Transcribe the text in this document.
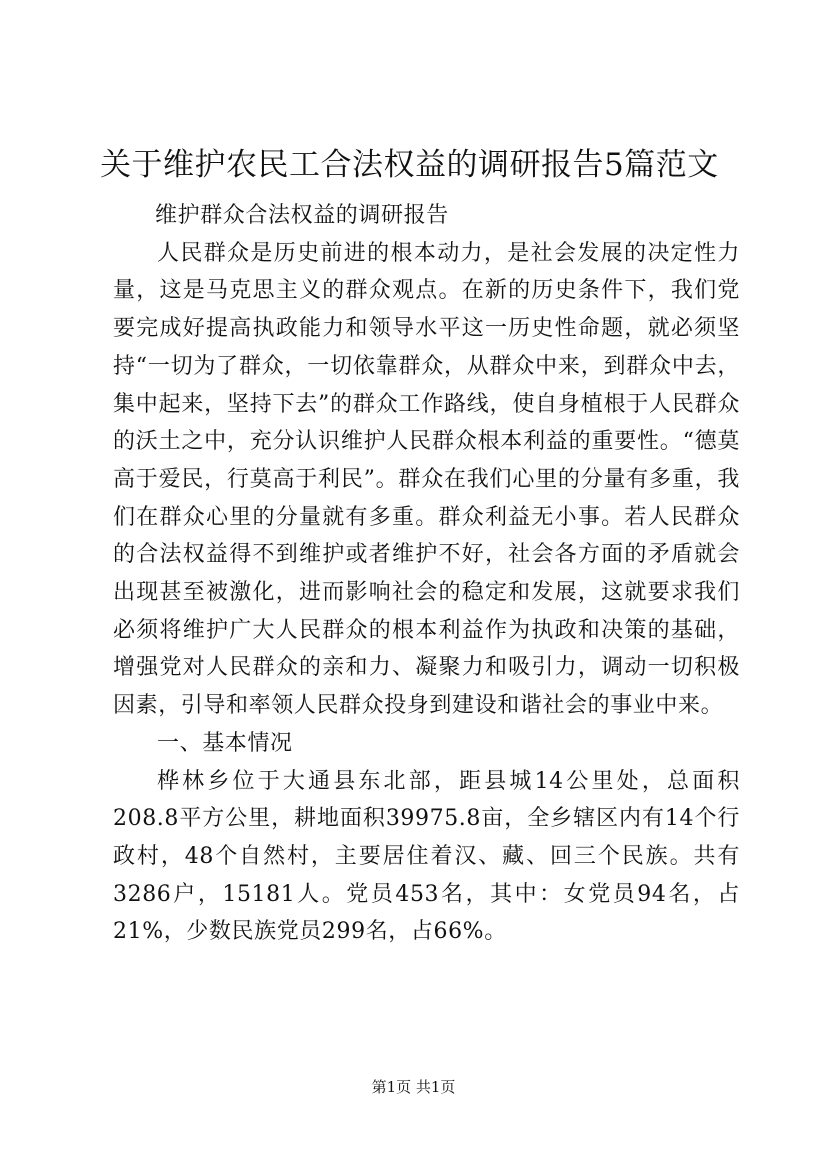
关于维护农民工合法权益的调研报告5篇范文

维护群众合法权益的调研报告

人民群众是历史前进的根本动力，是社会发展的决定性力量，这是马克思主义的群众观点。在新的历史条件下，我们党要完成好提高执政能力和领导水平这一历史性命题，就必须坚持“一切为了群众，一切依靠群众，从群众中来，到群众中去，集中起来，坚持下去”的群众工作路线，使自身植根于人民群众的沃土之中，充分认识维护人民群众根本利益的重要性。“德莫高于爱民，行莫高于利民”。群众在我们心里的分量有多重，我们在群众心里的分量就有多重。群众利益无小事。若人民群众的合法权益得不到维护或者维护不好，社会各方面的矛盾就会出现甚至被激化，进而影响社会的稳定和发展，这就要求我们必须将维护广大人民群众的根本利益作为执政和决策的基础，增强党对人民群众的亲和力、凝聚力和吸引力，调动一切积极因素，引导和率领人民群众投身到建设和谐社会的事业中来。

一、基本情况

桦林乡位于大通县东北部，距县城14公里处，总面积208.8平方公里，耕地面积39975.8亩，全乡辖区内有14个行政村，48个自然村，主要居住着汉、藏、回三个民族。共有3286户，15181人。党员453名，其中：女党员94名，占21%，少数民族党员299名，占66%。

第1页 共1页
